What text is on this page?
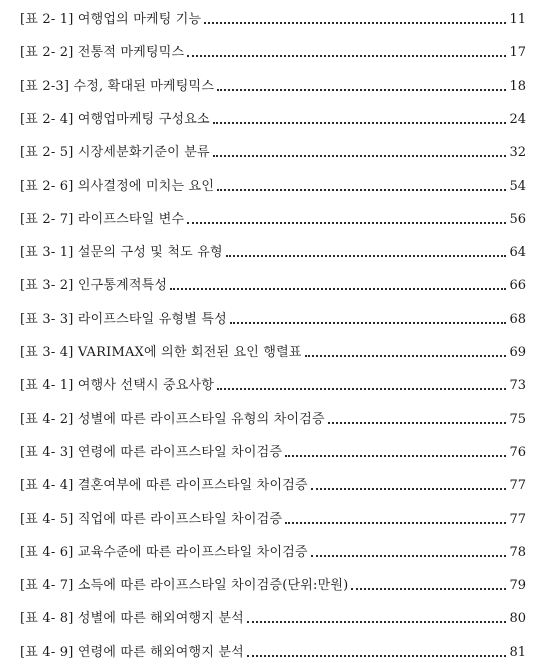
[표 2- 1] 여행업의 마케팅 기능	11
[표 2- 2] 전통적 마케팅믹스	17
[표 2-3] 수정, 확대된 마케팅믹스	18
[표 2- 4] 여행업마케팅 구성요소	24
[표 2- 5] 시장세분화기준이 분류	32
[표 2- 6] 의사결정에 미치는 요인	54
[표 2- 7] 라이프스타일 변수	56
[표 3- 1] 설문의 구성 및 척도 유형	64
[표 3- 2] 인구통계적특성	66
[표 3- 3] 라이프스타일 유형별 특성	68
[표 3- 4] VARIMAX에 의한 회전된 요인 행렬표	69
[표 4- 1] 여행사 선택시 중요사항	73
[표 4- 2] 성별에 따른 라이프스타일 유형의 차이검증	75
[표 4- 3] 연령에 따른 라이프스타일 차이검증	76
[표 4- 4] 결혼여부에 따른 라이프스타일 차이검증	77
[표 4- 5] 직업에 따른 라이프스타일 차이검증	77
[표 4- 6] 교육수준에 따른 라이프스타일 차이검증	78
[표 4- 7] 소득에 따른 라이프스타일 차이검증(단위:만원)	79
[표 4- 8] 성별에 따른 해외여행지 분석	80
[표 4- 9] 연령에 따른 해외여행지 분석	81
